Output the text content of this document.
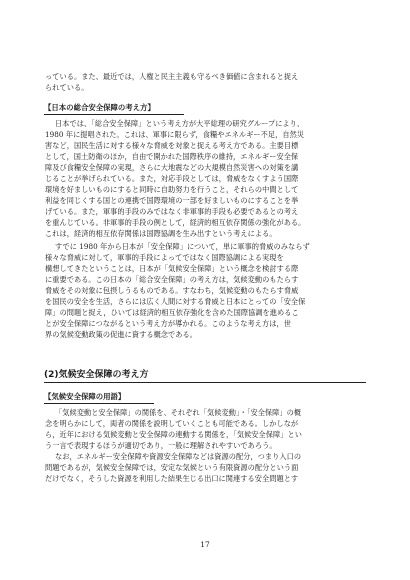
っている。また、最近では，人権と民主主義も守るべき価値に含まれると捉え
られている。
【日本の総合安全保障の考え方】
日本では、「総合安全保障」という考え方が大平総理の研究グループにより、
1980 年に提唱された。これは、軍事に限らず，食糧やエネルギー不足，自然災
害など，国民生活に対する様々な脅威を対象と捉える考え方である。主要目標
として，国土防衛のほか，自由で開かれた国際秩序の維持，エネルギー安全保
障及び食糧安全保障の実現，さらに大地震などの大規模自然災害への対策を講
じることが挙げられている。また，対応手段としては，脅威をなくすよう国際
環境を好ましいものにすると同時に自助努力を行うこと，それらの中間として
利益を同じくする国との連携で国際環境の一部を好ましいものにすることを挙
げている。また，軍事的手段のみではなく非軍事的手段も必要であるとの考え
を重んじている。非軍事的手段の例として，経済的相互依存関係の強化がある。
これは，経済的相互依存関係は国際協調を生み出すという考えによる。
すでに 1980 年から日本が「安全保障」について，単に軍事的脅威のみならず
様々な脅威に対して，軍事的手段によってではなく国際協調による実現を
構想してきたということは，日本が「気候安全保障」という概念を検討する際
に重要である。この日本の「総合安全保障」の考え方は，気候変動のもたらす
脅威をその対象に包摂しうるものである。すなわち，気候変動のもたらす脅威
を国民の安全を生活，さらには広く人間に対する脅威と日本にとっての「安全保
障」の問題と捉え，ひいては経済的相互依存強化を含めた国際協調を進めるこ
とが安全保障につながるという考え方が導かれる。このような考え方は，世
界の気候変動政策の促進に資する概念である。
(2)気候安全保障の考え方
【気候安全保障の用語】
「気候変動と安全保障」の関係を、それぞれ「気候変動」・「安全保障」の概
念を明らかにして，両者の関係を説明していくことも可能である。しかしなが
ら，近年における気候変動と安全保障の連動する関係を，「気候安全保障」とい
う一言で表現するほうが適切であり，一般に理解されやすいであろう。
なお，エネルギー安全保障や資源安全保障などは資源の配分，つまり入口の
問題であるが，気候安全保障では，安定な気候という有限資源の配分という面
だけでなく，そうした資源を利用した結果生じる出口に関連する安全問題とす
17
